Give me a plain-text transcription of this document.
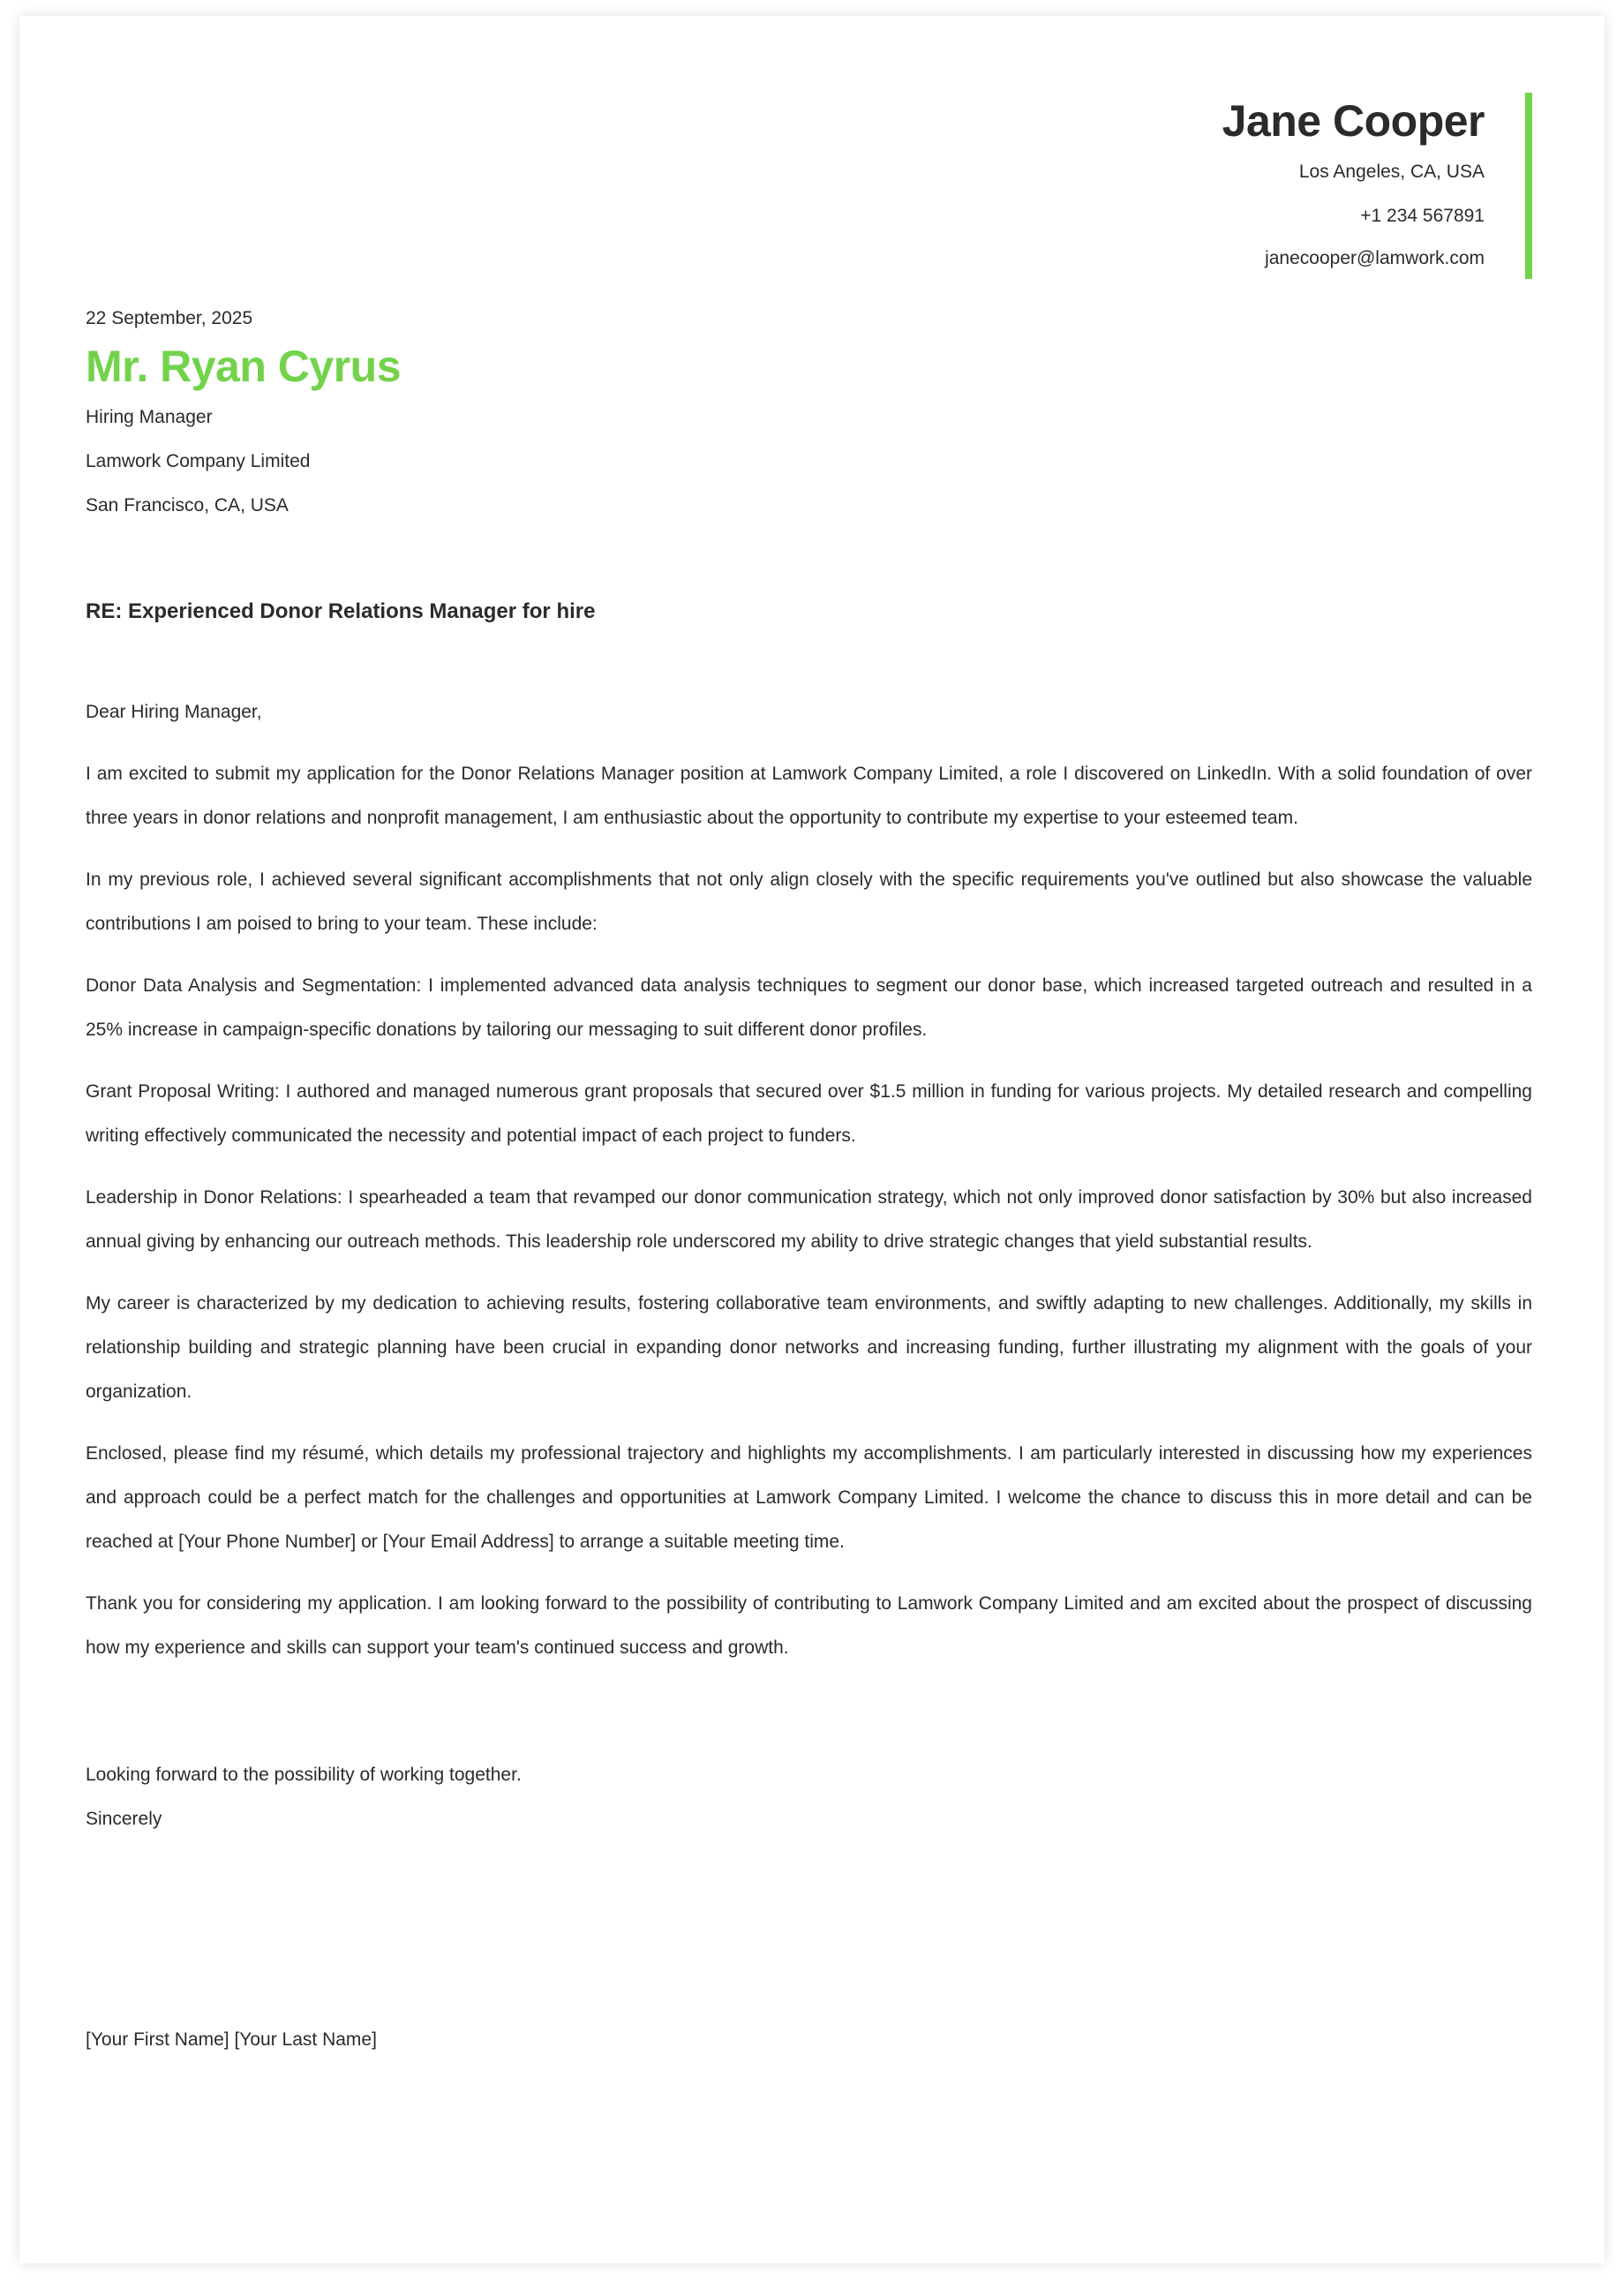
Jane Cooper
Los Angeles, CA, USA
+1 234 567891
janecooper@lamwork.com
22 September, 2025
Mr. Ryan Cyrus
Hiring Manager
Lamwork Company Limited
San Francisco, CA, USA
RE: Experienced Donor Relations Manager for hire

Dear Hiring Manager,

I am excited to submit my application for the Donor Relations Manager position at Lamwork Company Limited, a role I discovered on LinkedIn. With a solid foundation of over three years in donor relations and nonprofit management, I am enthusiastic about the opportunity to contribute my expertise to your esteemed team.

In my previous role, I achieved several significant accomplishments that not only align closely with the specific requirements you've outlined but also showcase the valuable contributions I am poised to bring to your team. These include:

Donor Data Analysis and Segmentation: I implemented advanced data analysis techniques to segment our donor base, which increased targeted outreach and resulted in a 25% increase in campaign-specific donations by tailoring our messaging to suit different donor profiles.

Grant Proposal Writing: I authored and managed numerous grant proposals that secured over $1.5 million in funding for various projects. My detailed research and compelling writing effectively communicated the necessity and potential impact of each project to funders.

Leadership in Donor Relations: I spearheaded a team that revamped our donor communication strategy, which not only improved donor satisfaction by 30% but also increased annual giving by enhancing our outreach methods. This leadership role underscored my ability to drive strategic changes that yield substantial results.

My career is characterized by my dedication to achieving results, fostering collaborative team environments, and swiftly adapting to new challenges. Additionally, my skills in relationship building and strategic planning have been crucial in expanding donor networks and increasing funding, further illustrating my alignment with the goals of your organization.

Enclosed, please find my résumé, which details my professional trajectory and highlights my accomplishments. I am particularly interested in discussing how my experiences and approach could be a perfect match for the challenges and opportunities at Lamwork Company Limited. I welcome the chance to discuss this in more detail and can be reached at [Your Phone Number] or [Your Email Address] to arrange a suitable meeting time.

Thank you for considering my application. I am looking forward to the possibility of contributing to Lamwork Company Limited and am excited about the prospect of discussing how my experience and skills can support your team's continued success and growth.

Looking forward to the possibility of working together.
Sincerely
[Your First Name] [Your Last Name]
